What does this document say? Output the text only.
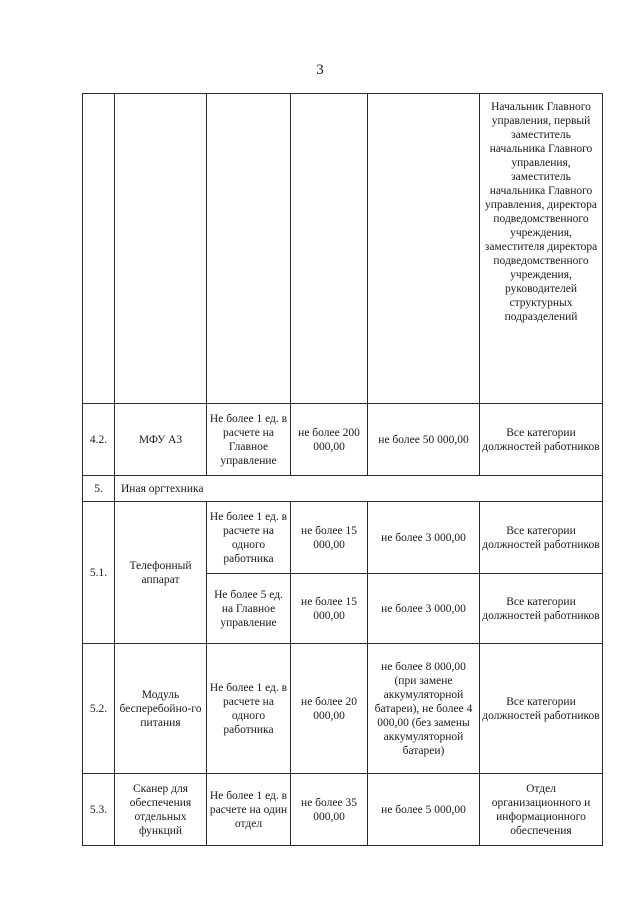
3
					Начальник Главного управления, первый заместитель начальника Главного управления, заместитель начальника Главного управления, директора подведомственного учреждения, заместителя директора подведомственного учреждения, руководителей структурных подразделений
4.2.	МФУ А3	Не более 1 ед. в расчете на Главное управление	не более 200 000,00	не более 50 000,00	Все категории должностей работников
5.	Иная оргтехника				
5.1.	Телефонный аппарат	Не более 1 ед. в расчете на одного работника	не более 15 000,00	не более 3 000,00	Все категории должностей работников
		Не более 5 ед. на Главное управление	не более 15 000,00	не более 3 000,00	Все категории должностей работников
5.2.	Модуль бесперебойно-го питания	Не более 1 ед. в расчете на одного работника	не более 20 000,00	не более 8 000,00 (при замене аккумуляторной батареи), не более 4 000,00 (без замены аккумуляторной батареи)	Все категории должностей работников
5.3.	Сканер для обеспечения отдельных функций	Не более 1 ед. в расчете на один отдел	не более 35 000,00	не более 5 000,00	Отдел организационного и информационного обеспечения
